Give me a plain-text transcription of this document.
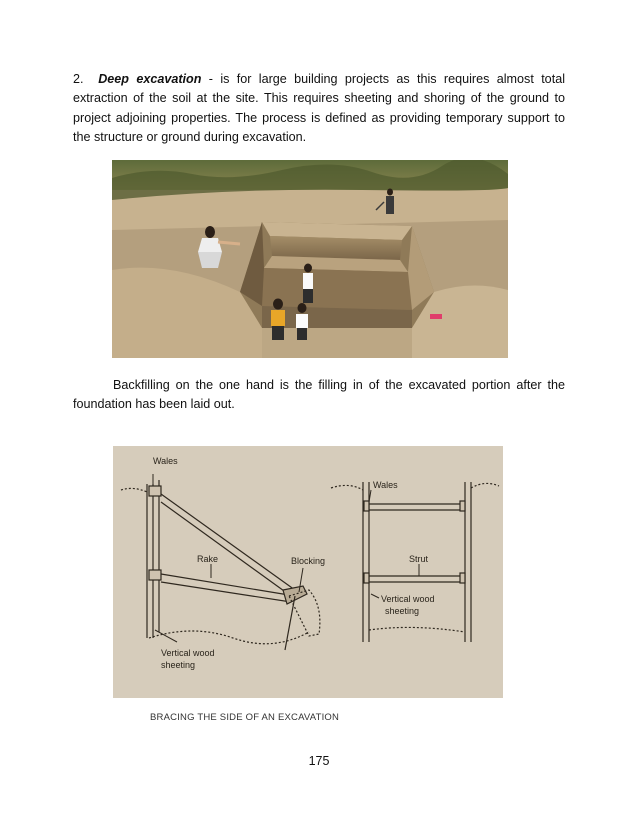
2. Deep excavation - is for large building projects as this requires almost total extraction of the soil at the site. This requires sheeting and shoring of the ground to project adjoining properties. The process is defined as providing temporary support to the structure or ground during excavation.
Backfilling on the one hand is the filling in of the excavated portion after the foundation has been laid out.
Wales
Rake	Blocking
Vertical wood
sheeting
Wales
Strut
Vertical wood
sheeting
BRACING THE SIDE OF AN EXCAVATION
175
